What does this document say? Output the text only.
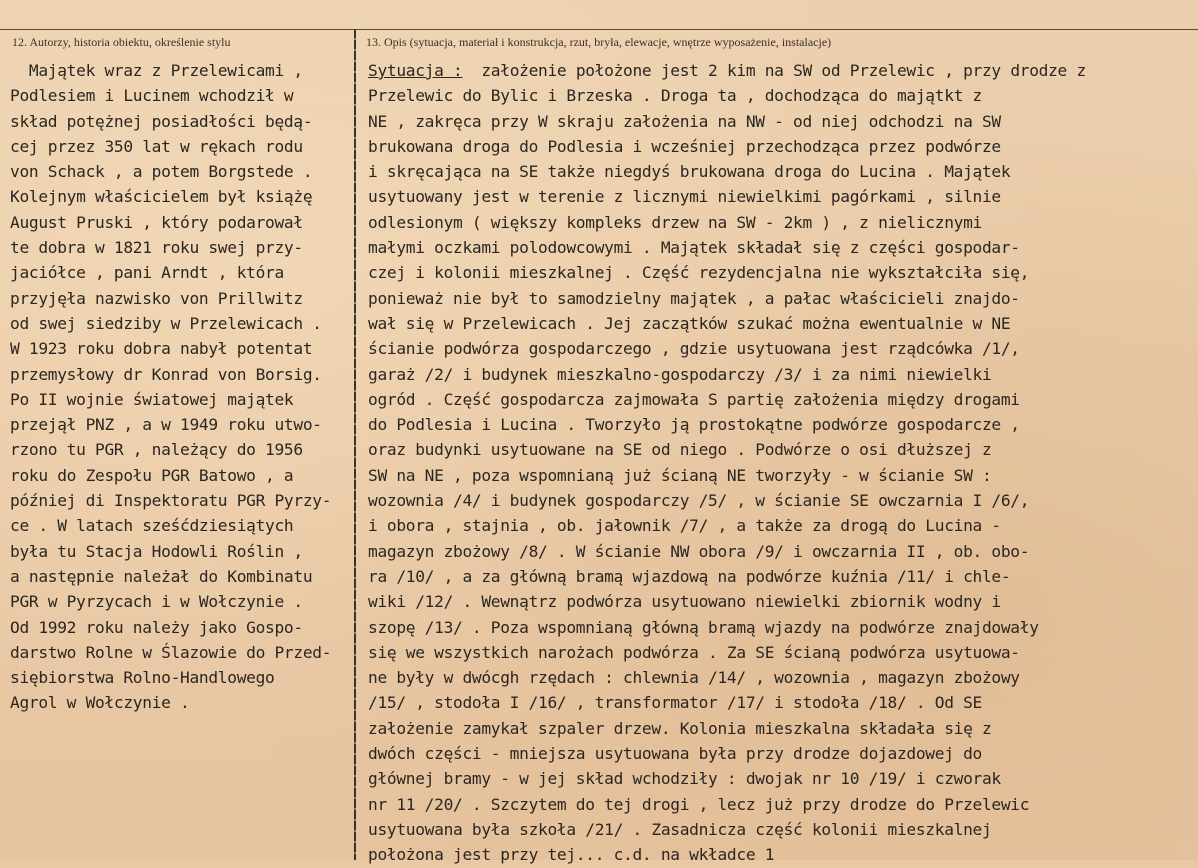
12. Autorzy, historia obiektu, określenie stylu	13. Opis (sytuacja, materiał i konstrukcja, rzut, bryła, elewacje, wnętrze wyposażenie, instalacje)
Majątek wraz z Przelewicami ,
Podlesiem i Lucinem wchodził w
skład potężnej posiadłości będą-
cej przez 350 lat w rękach rodu
von Schack , a potem Borgstede .
Kolejnym właścicielem był książę
August Pruski , który podarował
te dobra w 1821 roku swej przy-
jaciółce , pani Arndt , która
przyjęła nazwisko von Prillwitz
od swej siedziby w Przelewicach .
W 1923 roku dobra nabył potentat
przemysłowy dr Konrad von Borsig.
Po II wojnie światowej majątek
przejął PNZ , a w 1949 roku utwo-
rzono tu PGR , należący do 1956
roku do Zespołu PGR Batowo , a
później di Inspektoratu PGR Pyrzy-
ce . W latach sześćdziesiątych
była tu Stacja Hodowli Roślin ,
a następnie należał do Kombinatu
PGR w Pyrzycach i w Wołczynie .
Od 1992 roku należy jako Gospo-
darstwo Rolne w Ślazowie do Przed-
siębiorstwa Rolno-Handlowego
Agrol w Wołczynie .
Sytuacja :  założenie położone jest 2 kim na SW od Przelewic , przy drodze z
Przelewic do Bylic i Brzeska . Droga ta , dochodząca do majątkt z
NE , zakręca przy W skraju założenia na NW - od niej odchodzi na SW
brukowana droga do Podlesia i wcześniej przechodząca przez podwórze
i skręcająca na SE także niegdyś brukowana droga do Lucina . Majątek
usytuowany jest w terenie z licznymi niewielkimi pagórkami , silnie
odlesionym ( większy kompleks drzew na SW - 2km ) , z nielicznymi
małymi oczkami polodowcowymi . Majątek składał się z części gospodar-
czej i kolonii mieszkalnej . Część rezydencjalna nie wykształciła się,
ponieważ nie był to samodzielny majątek , a pałac właścicieli znajdo-
wał się w Przelewicach . Jej zaczątków szukać można ewentualnie w NE
ścianie podwórza gospodarczego , gdzie usytuowana jest rządcówka /1/,
garaż /2/ i budynek mieszkalno-gospodarczy /3/ i za nimi niewielki
ogród . Część gospodarcza zajmowała S partię założenia między drogami
do Podlesia i Lucina . Tworzyło ją prostokątne podwórze gospodarcze ,
oraz budynki usytuowane na SE od niego . Podwórze o osi dłuższej z
SW na NE , poza wspomnianą już ścianą NE tworzyły - w ścianie SW :
wozownia /4/ i budynek gospodarczy /5/ , w ścianie SE owczarnia I /6/,
i obora , stajnia , ob. jałownik /7/ , a także za drogą do Lucina -
magazyn zbożowy /8/ . W ścianie NW obora /9/ i owczarnia II , ob. obo-
ra /10/ , a za główną bramą wjazdową na podwórze kuźnia /11/ i chle-
wiki /12/ . Wewnątrz podwórza usytuowano niewielki zbiornik wodny i
szopę /13/ . Poza wspomnianą główną bramą wjazdy na podwórze znajdowały
się we wszystkich narożach podwórza . Za SE ścianą podwórza usytuowa-
ne były w dwócgh rzędach : chlewnia /14/ , wozownia , magazyn zbożowy
/15/ , stodoła I /16/ , transformator /17/ i stodoła /18/ . Od SE
założenie zamykał szpaler drzew. Kolonia mieszkalna składała się z
dwóch części - mniejsza usytuowana była przy drodze dojazdowej do
głównej bramy - w jej skład wchodziły : dwojak nr 10 /19/ i czworak
nr 11 /20/ . Szczytem do tej drogi , lecz już przy drodze do Przelewic
usytuowana była szkoła /21/ . Zasadnicza część kolonii mieszkalnej
położona jest przy tej... c.d. na wkładce 1
